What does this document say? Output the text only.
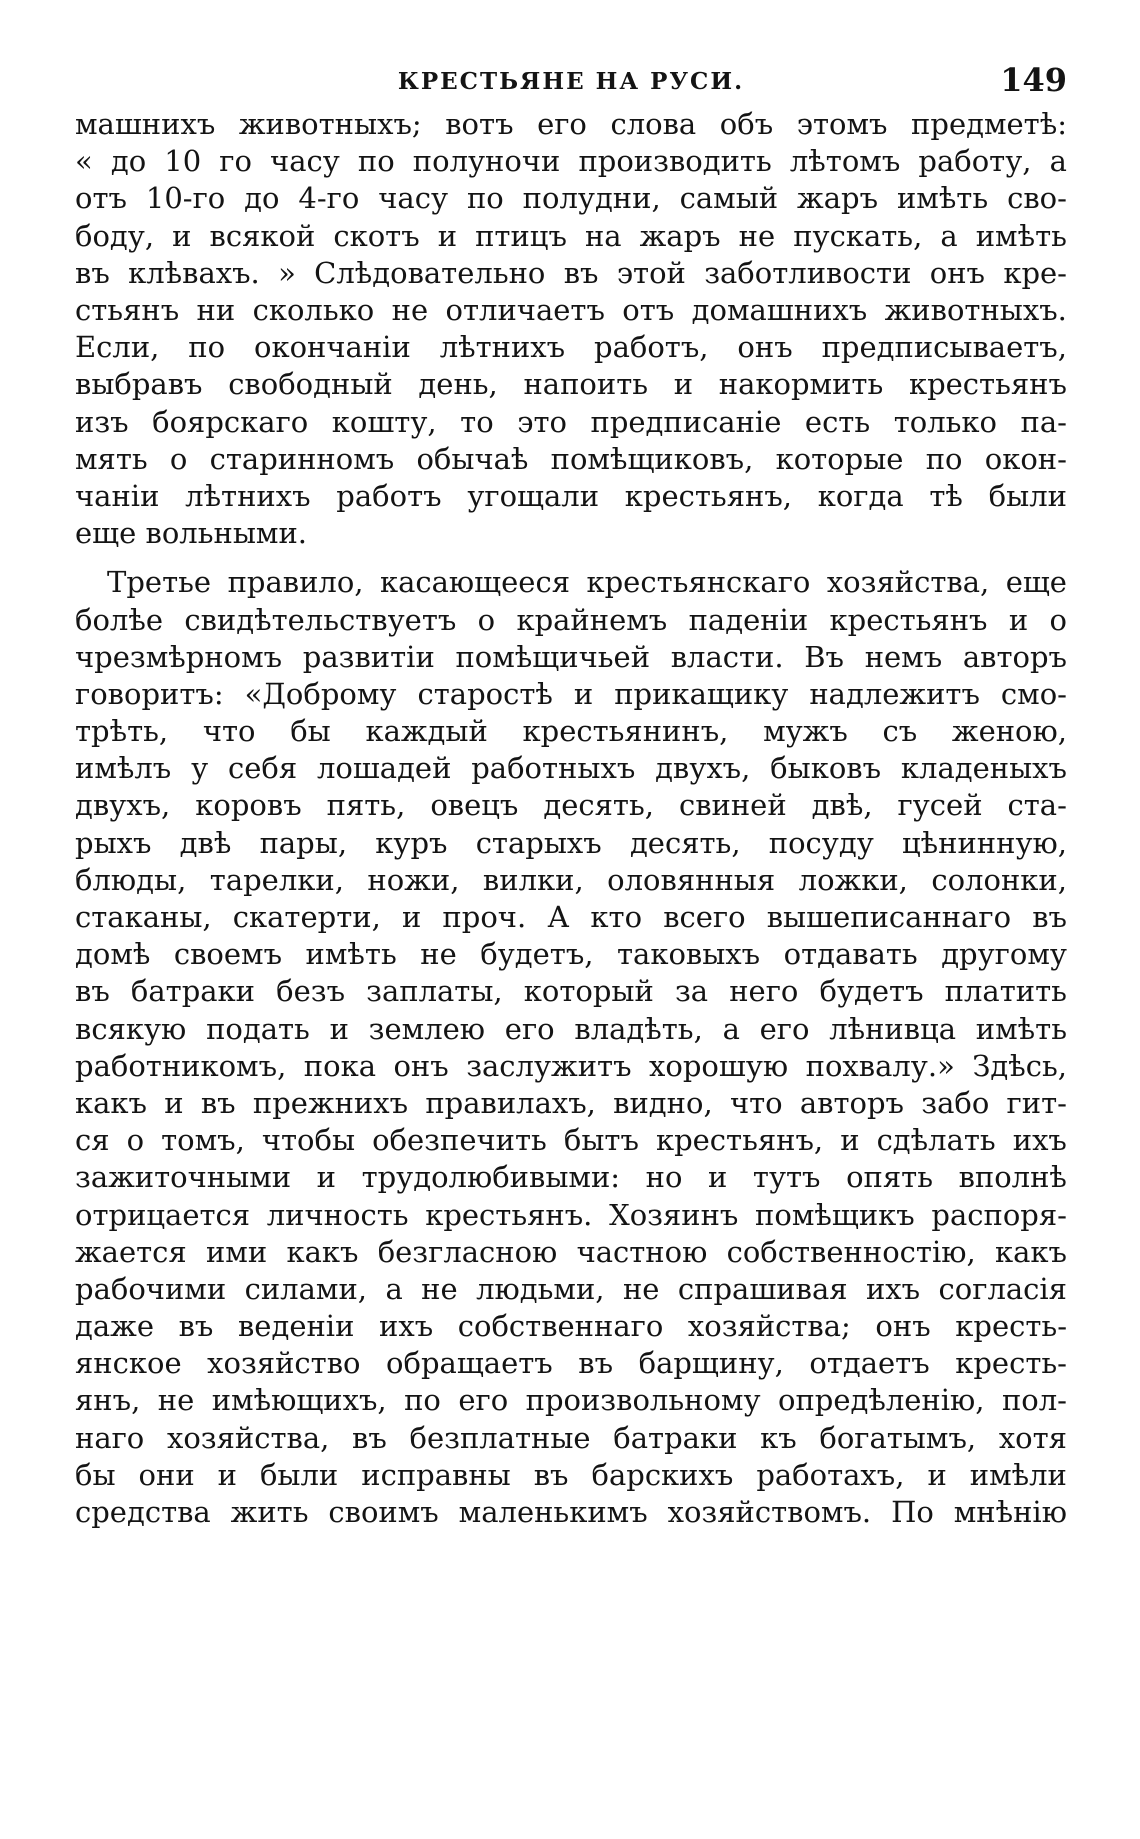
КРЕСТЬЯНЕ НА РУСИ.	149
машнихъ животныхъ; вотъ его слова объ этомъ предметѣ:
« до 10 го часу по полуночи производить лѣтомъ работу, а
отъ 10-го до 4-го часу по полудни, самый жаръ имѣть сво-
боду, и всякой скотъ и птицъ на жаръ не пускать, а имѣть
въ клѣвахъ. » Слѣдовательно въ этой заботливости онъ кре-
стьянъ ни сколько не отличаетъ отъ домашнихъ животныхъ.
Если, по окончанiи лѣтнихъ работъ, онъ предписываетъ,
выбравъ свободный день, напоить и накормить крестьянъ
изъ боярскаго кошту, то это предписанiе есть только па-
мять о старинномъ обычаѣ помѣщиковъ, которые по окон-
чанiи лѣтнихъ работъ угощали крестьянъ, когда тѣ были
еще вольными.
Третье правило, касающееся крестьянскаго хозяйства, еще
болѣе свидѣтельствуетъ о крайнемъ паденiи крестьянъ и о
чрезмѣрномъ развитiи помѣщичьей власти. Въ немъ авторъ
говоритъ: «Доброму старостѣ и прикащику надлежитъ смо-
трѣть, что бы каждый крестьянинъ, мужъ съ женою,
имѣлъ у себя лошадей работныхъ двухъ, быковъ кладеныхъ
двухъ, коровъ пять, овецъ десять, свиней двѣ, гусей ста-
рыхъ двѣ пары, куръ старыхъ десять, посуду цѣнинную,
блюды, тарелки, ножи, вилки, оловянныя ложки, солонки,
стаканы, скатерти, и проч. А кто всего вышеписаннаго въ
домѣ своемъ имѣть не будетъ, таковыхъ отдавать другому
въ батраки безъ заплаты, который за него будетъ платить
всякую подать и землею его владѣть, а его лѣнивца имѣть
работникомъ, пока онъ заслужитъ хорошую похвалу.» Здѣсь,
какъ и въ прежнихъ правилахъ, видно, что авторъ забо гит-
ся о томъ, чтобы обезпечить бытъ крестьянъ, и сдѣлать ихъ
зажиточными и трудолюбивыми: но и тутъ опять вполнѣ
отрицается личность крестьянъ. Хозяинъ помѣщикъ распоря-
жается ими какъ безгласною частною собственностiю, какъ
рабочими силами, а не людьми, не спрашивая ихъ согласiя
даже въ веденiи ихъ собственнаго хозяйства; онъ кресть-
янское хозяйство обращаетъ въ барщину, отдаетъ кресть-
янъ, не имѣющихъ, по его произвольному опредѣленiю, пол-
наго хозяйства, въ безплатные батраки къ богатымъ, хотя
бы они и были исправны въ барскихъ работахъ, и имѣли
средства жить своимъ маленькимъ хозяйствомъ. По мнѣнiю
